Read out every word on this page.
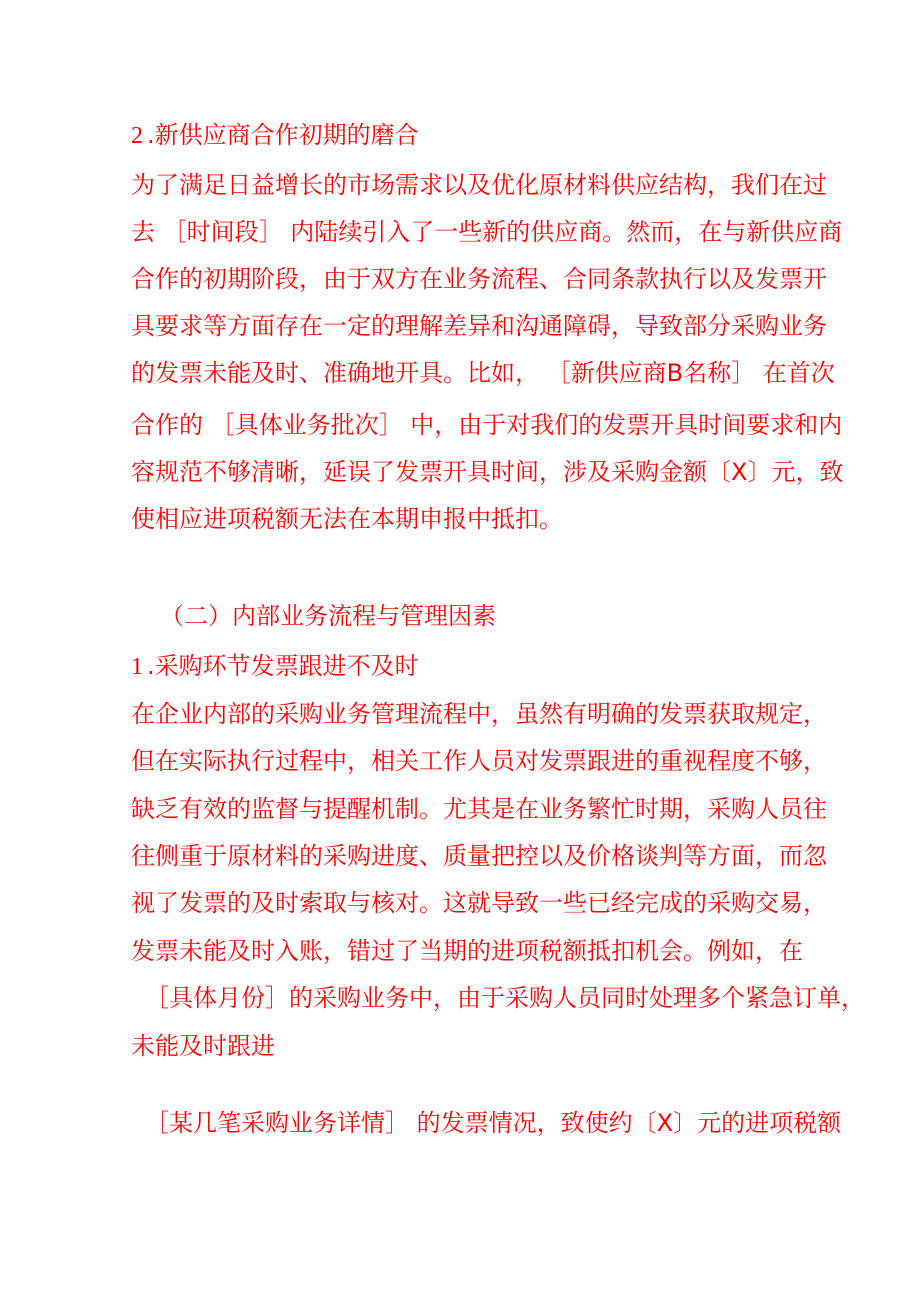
2 .新供应商合作初期的磨合
为了满足日益增长的市场需求以及优化原材料供应结构，我们在过
去 ［时间段］ 内陆续引入了一些新的供应商。然而，在与新供应商
合作的初期阶段，由于双方在业务流程、合同条款执行以及发票开
具要求等方面存在一定的理解差异和沟通障碍，导致部分采购业务
的发票未能及时、准确地开具。比如， ［新供应商B名称］ 在首次
合作的 ［具体业务批次］ 中，由于对我们的发票开具时间要求和内
容规范不够清晰，延误了发票开具时间，涉及采购金额〔X〕元，致
使相应进项税额无法在本期申报中抵扣。
（二）内部业务流程与管理因素
1 .采购环节发票跟进不及时
在企业内部的采购业务管理流程中，虽然有明确的发票获取规定，
但在实际执行过程中，相关工作人员对发票跟进的重视程度不够，
缺乏有效的监督与提醒机制。尤其是在业务繁忙时期，采购人员往
往侧重于原材料的采购进度、质量把控以及价格谈判等方面，而忽
视了发票的及时索取与核对。这就导致一些已经完成的采购交易，
发票未能及时入账，错过了当期的进项税额抵扣机会。例如，在
［具体月份］的采购业务中，由于采购人员同时处理多个紧急订单，
未能及时跟进
［某几笔采购业务详情］ 的发票情况，致使约〔X〕元的进项税额
